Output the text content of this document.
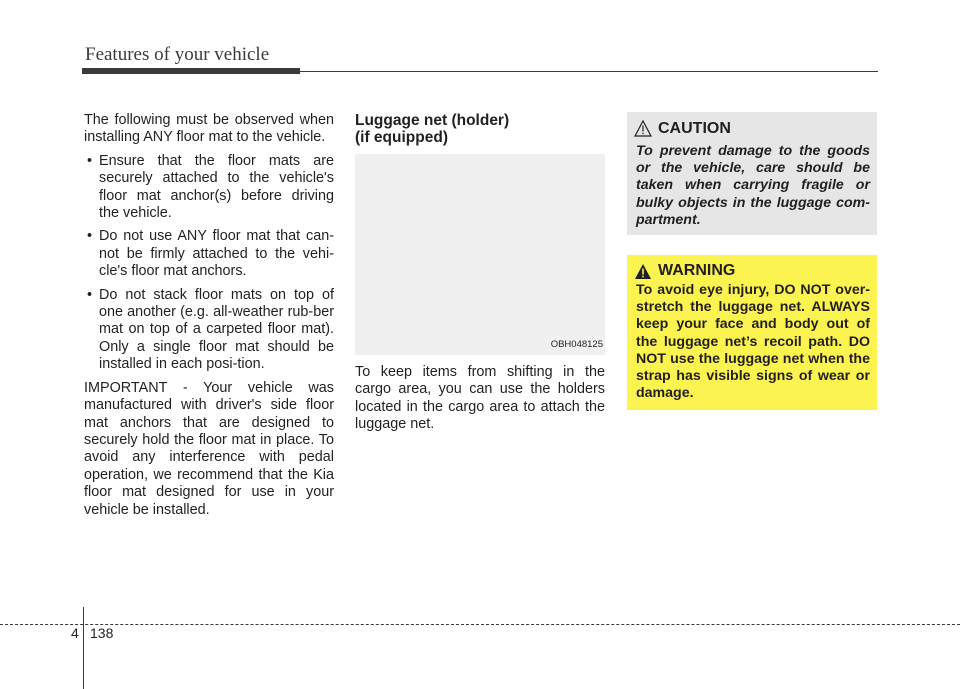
Features of your vehicle

The following must be observed when installing ANY floor mat to the vehicle.

• Ensure that the floor mats are securely attached to the vehicle's floor mat anchor(s) before driving the vehicle.

• Do not use ANY floor mat that can-not be firmly attached to the vehi-cle's floor mat anchors.

• Do not stack floor mats on top of one another (e.g. all-weather rub-ber mat on top of a carpeted floor mat). Only a single floor mat should be installed in each posi-tion.

IMPORTANT - Your vehicle was manufactured with driver's side floor mat anchors that are designed to securely hold the floor mat in place. To avoid any interference with pedal operation, we recommend that the Kia floor mat designed for use in your vehicle be installed.

Luggage net (holder)
(if equipped)

OBH048125

To keep items from shifting in the cargo area, you can use the holders located in the cargo area to attach the luggage net.

CAUTION
To prevent damage to the goods or the vehicle, care should be taken when carrying fragile or bulky objects in the luggage com-partment.
WARNING
To avoid eye injury, DO NOT over-stretch the luggage net. ALWAYS keep your face and body out of the luggage net’s recoil path. DO NOT use the luggage net when the strap has visible signs of wear or damage.
4 138
